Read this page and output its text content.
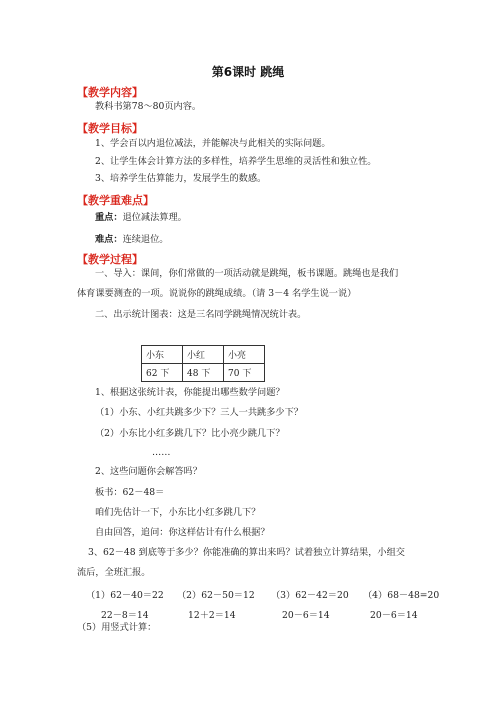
第6课时 跳绳
【教学内容】
教科书第78～80页内容。
【教学目标】
1、学会百以内退位减法，并能解决与此相关的实际问题。
2、让学生体会计算方法的多样性，培养学生思维的灵活性和独立性。
3、培养学生估算能力，发展学生的数感。
【教学重难点】
重点：退位减法算理。
难点：连续退位。
【教学过程】
一、导入：课间，你们常做的一项活动就是跳绳，板书课题。跳绳也是我们
体育课要测查的一项。说说你的跳绳成绩。（请 3－4 名学生说一说）
二、出示统计图表：这是三名同学跳绳情况统计表。
小东	小红	小亮
62 下	48 下	70 下
1、根据这张统计表，你能提出哪些数学问题？
（1）小东、小红共跳多少下？三人一共跳多少下？
（2）小东比小红多跳几下？比小亮少跳几下？
……
2、这些问题你会解答吗？
板书：62－48＝
咱们先估计一下，小东比小红多跳几下？
自由回答，追问：你这样估计有什么根据？
3、62－48 到底等于多少？你能准确的算出来吗？试着独立计算结果，小组交
流后，全班汇报。
（1）62－40＝22
22－8＝14
（2）62－50＝12
12＋2＝14
（3）62－42＝20
20－6＝14
（4）68－48=20
20－6＝14
（5）用竖式计算：
